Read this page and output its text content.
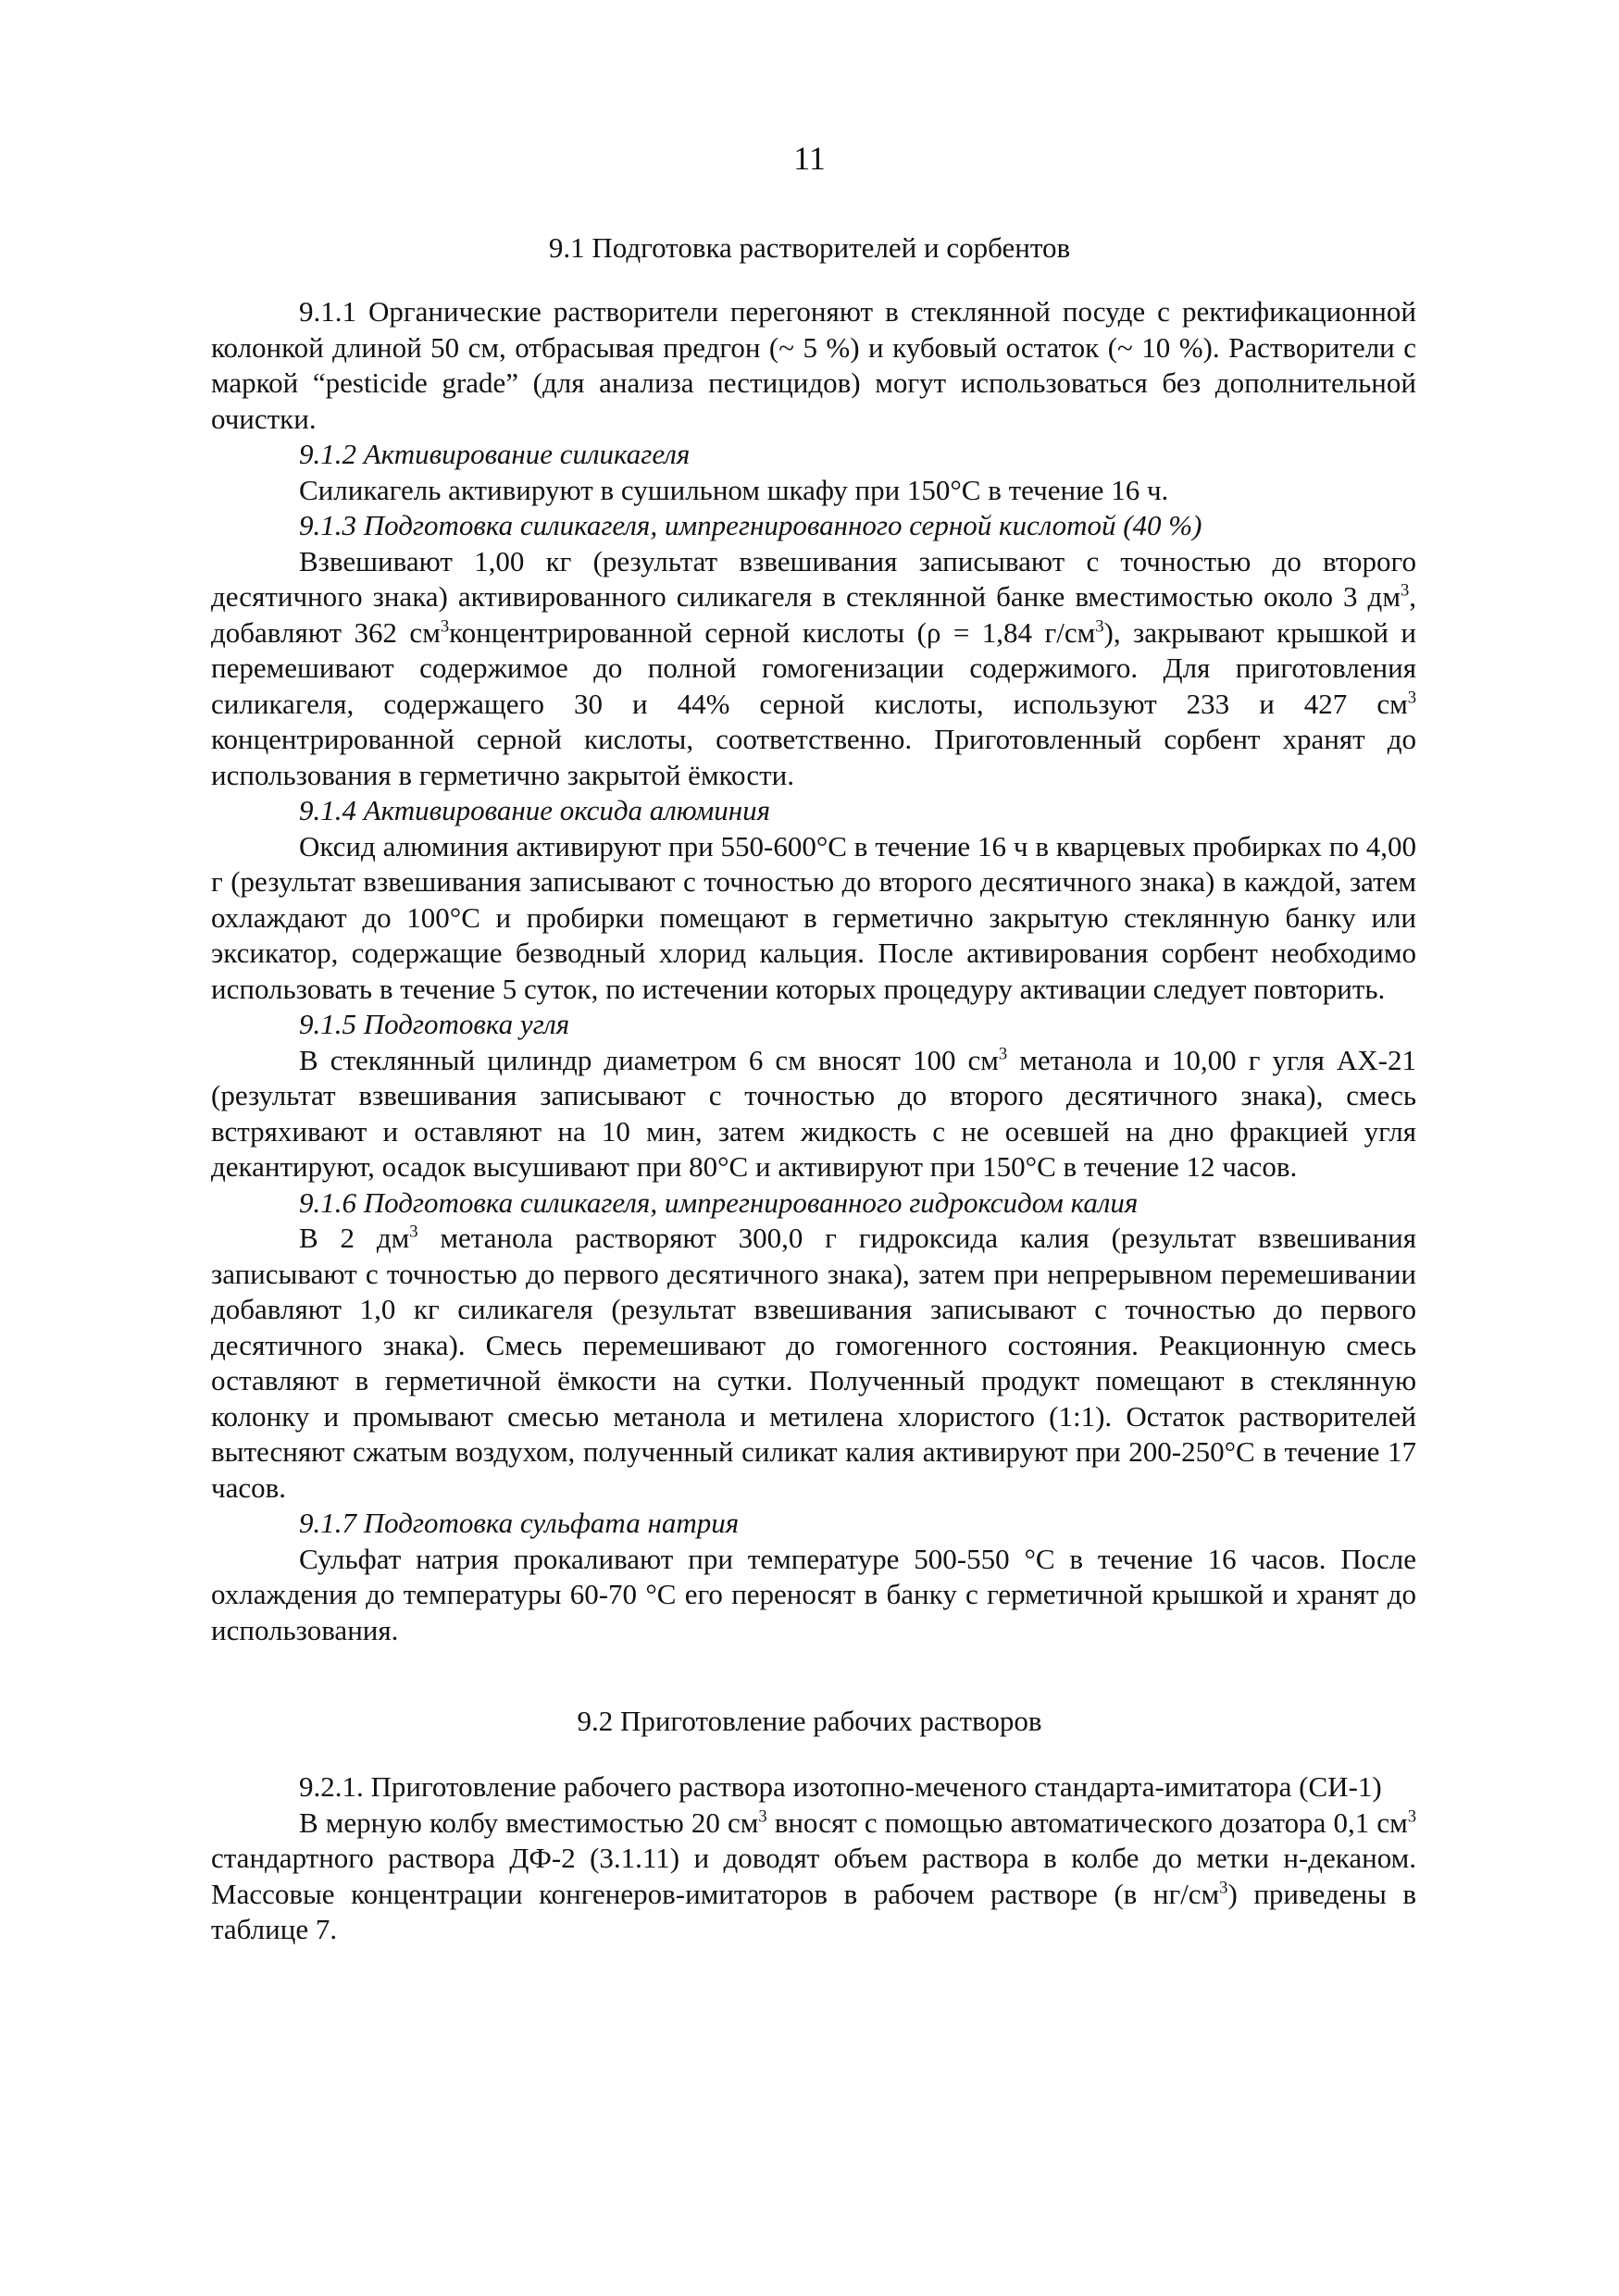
11
9.1 Подготовка растворителей и сорбентов

9.1.1 Органические растворители перегоняют в стеклянной посуде с ректификационной колонкой длиной 50 см, отбрасывая предгон (~ 5 %) и кубовый остаток (~ 10 %). Растворители с маркой “pesticide grade” (для анализа пестицидов) могут использоваться без дополнительной очистки.

9.1.2 Активирование силикагеля

Силикагель активируют в сушильном шкафу при 150°С в течение 16 ч.

9.1.3 Подготовка силикагеля, импрегнированного серной кислотой (40 %)

Взвешивают 1,00 кг (результат взвешивания записывают с точностью до второго десятичного знака) активированного силикагеля в стеклянной банке вместимостью около 3 $дм^3$, добавляют 362 $см^3концентрированной$ серной кислоты (ρ = 1,84 $г/см^3$), закрывают крышкой и перемешивают содержимое до полной гомогенизации содержимого. Для приготовления силикагеля, содержащего 30 и 44% серной кислоты, используют 233 и 427 $см^3$ концентрированной серной кислоты, соответственно. Приготовленный сорбент хранят до использования в герметично закрытой ёмкости.

9.1.4 Активирование оксида алюминия

Оксид алюминия активируют при 550-600°С в течение 16 ч в кварцевых пробирках по 4,00 г (результат взвешивания записывают с точностью до второго десятичного знака) в каждой, затем охлаждают до 100°С и пробирки помещают в герметично закрытую стеклянную банку или эксикатор, содержащие безводный хлорид кальция. После активирования сорбент необходимо использовать в течение 5 суток, по истечении которых процедуру активации следует повторить.

9.1.5 Подготовка угля

В стеклянный цилиндр диаметром 6 см вносят 100 $см^3$ метанола и 10,00 г угля АХ-21 (результат взвешивания записывают с точностью до второго десятичного знака), смесь встряхивают и оставляют на 10 мин, затем жидкость с не осевшей на дно фракцией угля декантируют, осадок высушивают при 80°С и активируют при 150°С в течение 12 часов.

9.1.6 Подготовка силикагеля, импрегнированного гидроксидом калия

В 2 $дм^3$ метанола растворяют 300,0 г гидроксида калия (результат взвешивания записывают с точностью до первого десятичного знака), затем при непрерывном перемешивании добавляют 1,0 кг силикагеля (результат взвешивания записывают с точностью до первого десятичного знака). Смесь перемешивают до гомогенного состояния. Реакционную смесь оставляют в герметичной ёмкости на сутки. Полученный продукт помещают в стеклянную колонку и промывают смесью метанола и метилена хлористого (1:1). Остаток растворителей вытесняют сжатым воздухом, полученный силикат калия активируют при 200-250°С в течение 17 часов.

9.1.7 Подготовка сульфата натрия

Сульфат натрия прокаливают при температуре 500-550 °С в течение 16 часов. После охлаждения до температуры 60-70 °С его переносят в банку с герметичной крышкой и хранят до использования.

9.2 Приготовление рабочих растворов

9.2.1. Приготовление рабочего раствора изотопно-меченого стандарта-имитатора (СИ-1)

В мерную колбу вместимостью 20 $см^3$ вносят с помощью автоматического дозатора 0,1 $см^3$ стандартного раствора ДФ-2 (3.1.11) и доводят объем раствора в колбе до метки н-деканом. Массовые концентрации конгенеров-имитаторов в рабочем растворе (в $нг/см^3$) приведены в таблице 7.
